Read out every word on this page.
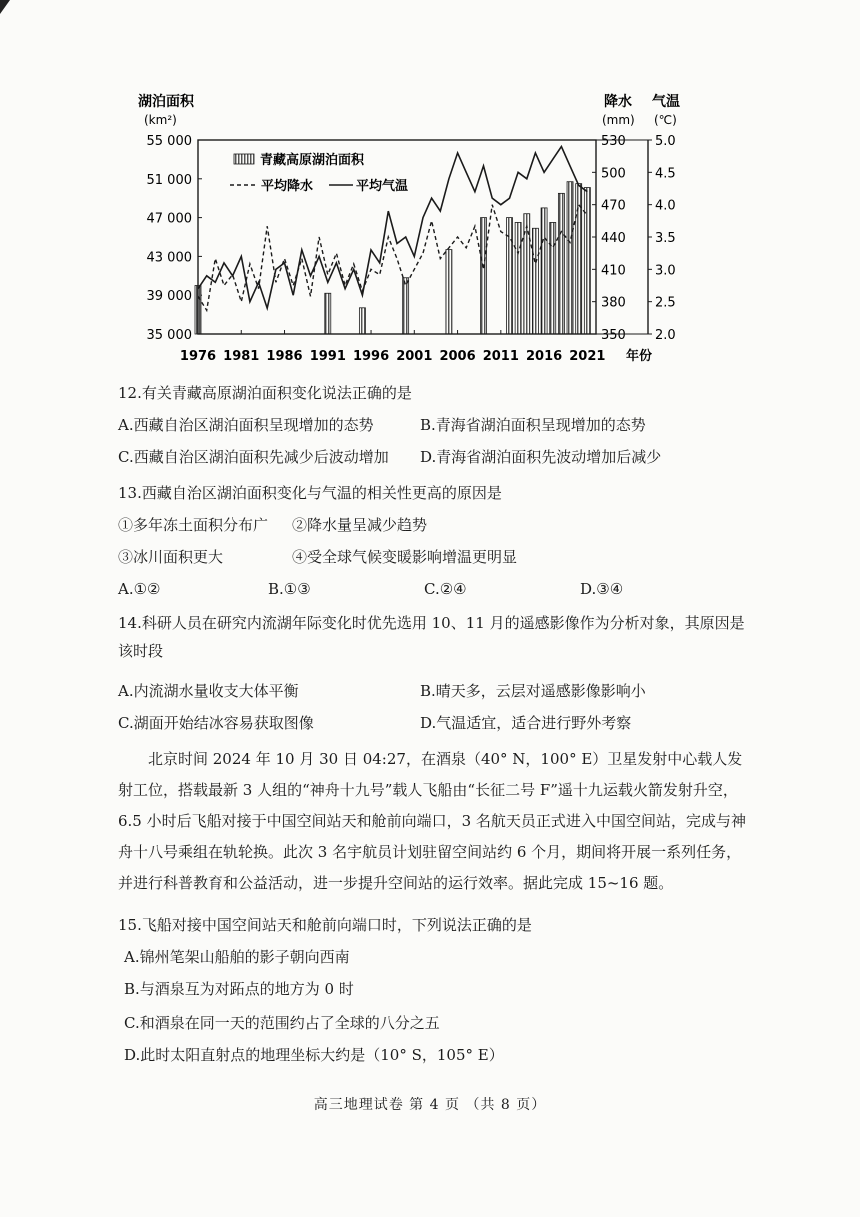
湖泊面积
(km²)
降水
(mm)
气温
(℃)
55 000
51 000
47 000
43 000
39 000
35 000
530
500
470
440
410
380
350
5.0
4.5
4.0
3.5
3.0
2.5
2.0
1976 1981 1986 1991 1996 2001 2006 2011 2016 2021 年份
青藏高原湖泊面积
平均降水	平均气温
12.有关青藏高原湖泊面积变化说法正确的是
A.西藏自治区湖泊面积呈现增加的态势	B.青海省湖泊面积呈现增加的态势
C.西藏自治区湖泊面积先减少后波动增加 D.青海省湖泊面积先波动增加后减少
13.西藏自治区湖泊面积变化与气温的相关性更高的原因是
①多年冻土面积分布广 ②降水量呈减少趋势
③冰川面积更大	④受全球气候变暖影响增温更明显
A.①②	B.①③	C.②④	D.③④
14.科研人员在研究内流湖年际变化时优先选用 10、11 月的遥感影像作为分析对象，其原因是
该时段
A.内流湖水量收支大体平衡	B.晴天多，云层对遥感影像影响小
C.湖面开始结冰容易获取图像	D.气温适宜，适合进行野外考察

北京时间 2024 年 10 月 30 日 04:27，在酒泉（40° N，100° E）卫星发射中心载人发射工位，搭载最新 3 人组的“神舟十九号”载人飞船由“长征二号 F”遥十九运载火箭发射升空，6.5 小时后飞船对接于中国空间站天和舱前向端口，3 名航天员正式进入中国空间站，完成与神舟十八号乘组在轨轮换。此次 3 名宇航员计划驻留空间站约 6 个月，期间将开展一系列任务，并进行科普教育和公益活动，进一步提升空间站的运行效率。据此完成 15~16 题。

15.飞船对接中国空间站天和舱前向端口时，下列说法正确的是
A.锦州笔架山船舶的影子朝向西南
B.与酒泉互为对跖点的地方为 0 时
C.和酒泉在同一天的范围约占了全球的八分之五
D.此时太阳直射点的地理坐标大约是（10° S，105° E）
高三地理试卷 第 4 页 （共 8 页）
